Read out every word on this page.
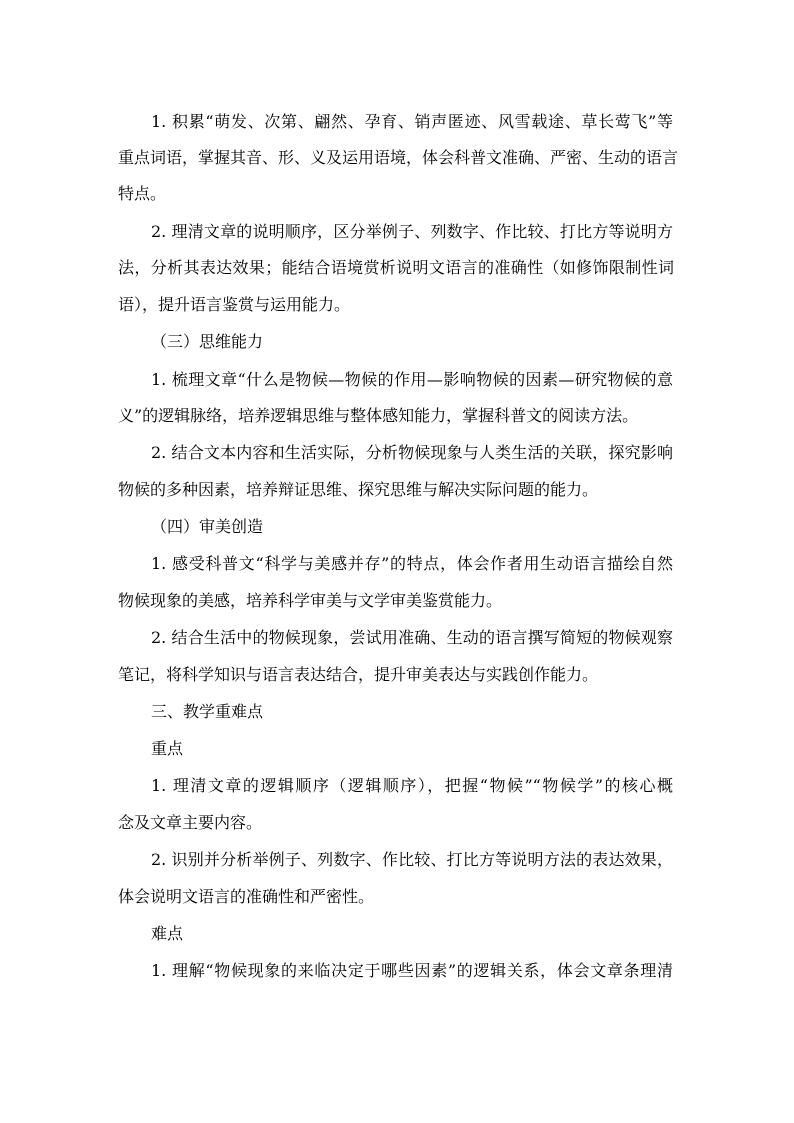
1. 积累“萌发、次第、翩然、孕育、销声匿迹、风雪载途、草长莺飞”等
重点词语，掌握其音、形、义及运用语境，体会科普文准确、严密、生动的语言
特点。
2. 理清文章的说明顺序，区分举例子、列数字、作比较、打比方等说明方
法，分析其表达效果；能结合语境赏析说明文语言的准确性（如修饰限制性词
语），提升语言鉴赏与运用能力。
（三）思维能力
1. 梳理文章“什么是物候—物候的作用—影响物候的因素—研究物候的意
义”的逻辑脉络，培养逻辑思维与整体感知能力，掌握科普文的阅读方法。
2. 结合文本内容和生活实际，分析物候现象与人类生活的关联，探究影响
物候的多种因素，培养辩证思维、探究思维与解决实际问题的能力。
（四）审美创造
1. 感受科普文“科学与美感并存”的特点，体会作者用生动语言描绘自然
物候现象的美感，培养科学审美与文学审美鉴赏能力。
2. 结合生活中的物候现象，尝试用准确、生动的语言撰写简短的物候观察
笔记，将科学知识与语言表达结合，提升审美表达与实践创作能力。
三、教学重难点
重点
1. 理清文章的逻辑顺序（逻辑顺序），把握“物候”“物候学”的核心概
念及文章主要内容。
2. 识别并分析举例子、列数字、作比较、打比方等说明方法的表达效果，
体会说明文语言的准确性和严密性。
难点
1. 理解“物候现象的来临决定于哪些因素”的逻辑关系，体会文章条理清
